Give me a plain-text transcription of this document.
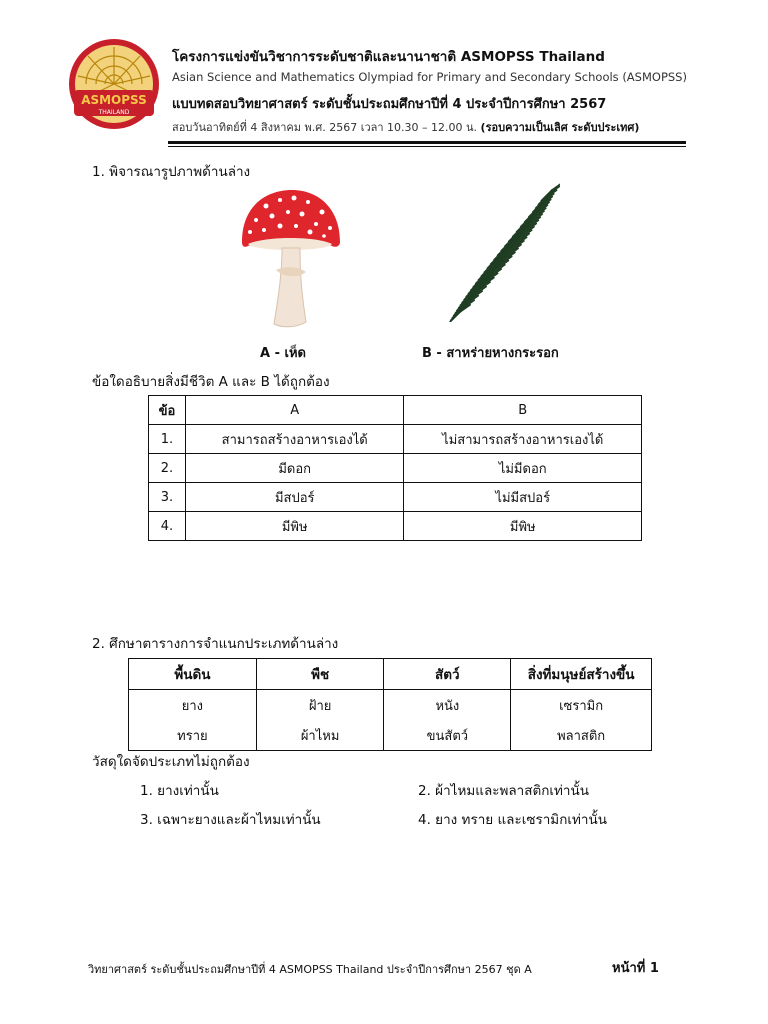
ASMOPSS
THAILAND
โครงการแข่งขันวิชาการระดับชาติและนานาชาติ ASMOPSS Thailand
Asian Science and Mathematics Olympiad for Primary and Secondary Schools (ASMOPSS)
แบบทดสอบวิทยาศาสตร์ ระดับชั้นประถมศึกษาปีที่ 4 ประจำปีการศึกษา 2567
สอบวันอาทิตย์ที่ 4 สิงหาคม พ.ศ. 2567 เวลา 10.30 – 12.00 น. (รอบความเป็นเลิศ ระดับประเทศ)
1. พิจารณารูปภาพด้านล่าง
A - เห็ด	B - สาหร่ายหางกระรอก
ข้อใดอธิบายสิ่งมีชีวิต A และ B ได้ถูกต้อง
ข้อ	A	B
1.	สามารถสร้างอาหารเองได้	ไม่สามารถสร้างอาหารเองได้
2.	มีดอก	ไม่มีดอก
3.	มีสปอร์	ไม่มีสปอร์
4.	มีพิษ	มีพิษ
2. ศึกษาตารางการจำแนกประเภทด้านล่าง
พื้นดิน	พืช	สัตว์	สิ่งที่มนุษย์สร้างขึ้น
ยาง	ฝ้าย	หนัง	เซรามิก
ทราย	ผ้าไหม	ขนสัตว์	พลาสติก
วัสดุใดจัดประเภทไม่ถูกต้อง
1. ยางเท่านั้น	2. ผ้าไหมและพลาสติกเท่านั้น
3. เฉพาะยางและผ้าไหมเท่านั้น	4. ยาง ทราย และเซรามิกเท่านั้น
วิทยาศาสตร์ ระดับชั้นประถมศึกษาปีที่ 4 ASMOPSS Thailand ประจำปีการศึกษา 2567 ชุด A	หน้าที่ 1
